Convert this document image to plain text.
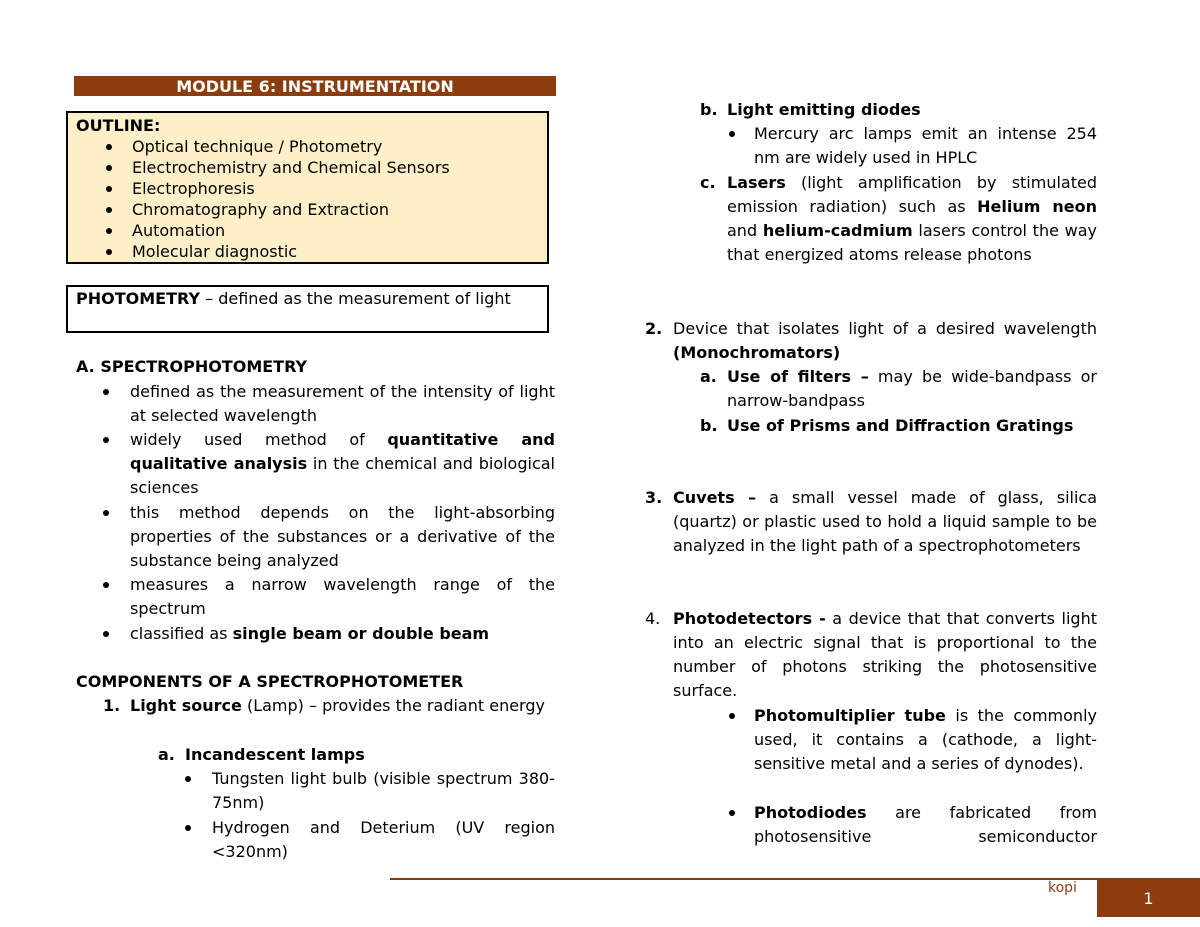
MODULE 6: INSTRUMENTATION
OUTLINE:
Optical technique / Photometry
Electrochemistry and Chemical Sensors
Electrophoresis
Chromatography and Extraction
Automation
Molecular diagnostic
PHOTOMETRY – defined as the measurement of light
A. SPECTROPHOTOMETRY
defined as the measurement of the intensity of light at selected wavelength
widely used method of quantitative and qualitative analysis in the chemical and biological sciences
this method depends on the light-absorbing properties of the substances or a derivative of the substance being analyzed
measures a narrow wavelength range of the spectrum
classified as single beam or double beam
COMPONENTS OF A SPECTROPHOTOMETER
1. Light source (Lamp) – provides the radiant energy
a. Incandescent lamps
Tungsten light bulb (visible spectrum 380-75nm)
Hydrogen and Deterium (UV region <320nm)
b. Light emitting diodes
Mercury arc lamps emit an intense 254 nm are widely used in HPLC
c. Lasers (light amplification by stimulated emission radiation) such as Helium neon and helium-cadmium lasers control the way that energized atoms release photons
2. Device that isolates light of a desired wavelength (Monochromators)
a. Use of filters – may be wide-bandpass or narrow-bandpass
b. Use of Prisms and Diffraction Gratings
3. Cuvets – a small vessel made of glass, silica (quartz) or plastic used to hold a liquid sample to be analyzed in the light path of a spectrophotometers
4. Photodetectors - a device that that converts light into an electric signal that is proportional to the number of photons striking the photosensitive surface.
Photomultiplier tube is the commonly used, it contains a (cathode, a light-sensitive metal and a series of dynodes).
Photodiodes are fabricated from photosensitive semiconductor
kopi
1
